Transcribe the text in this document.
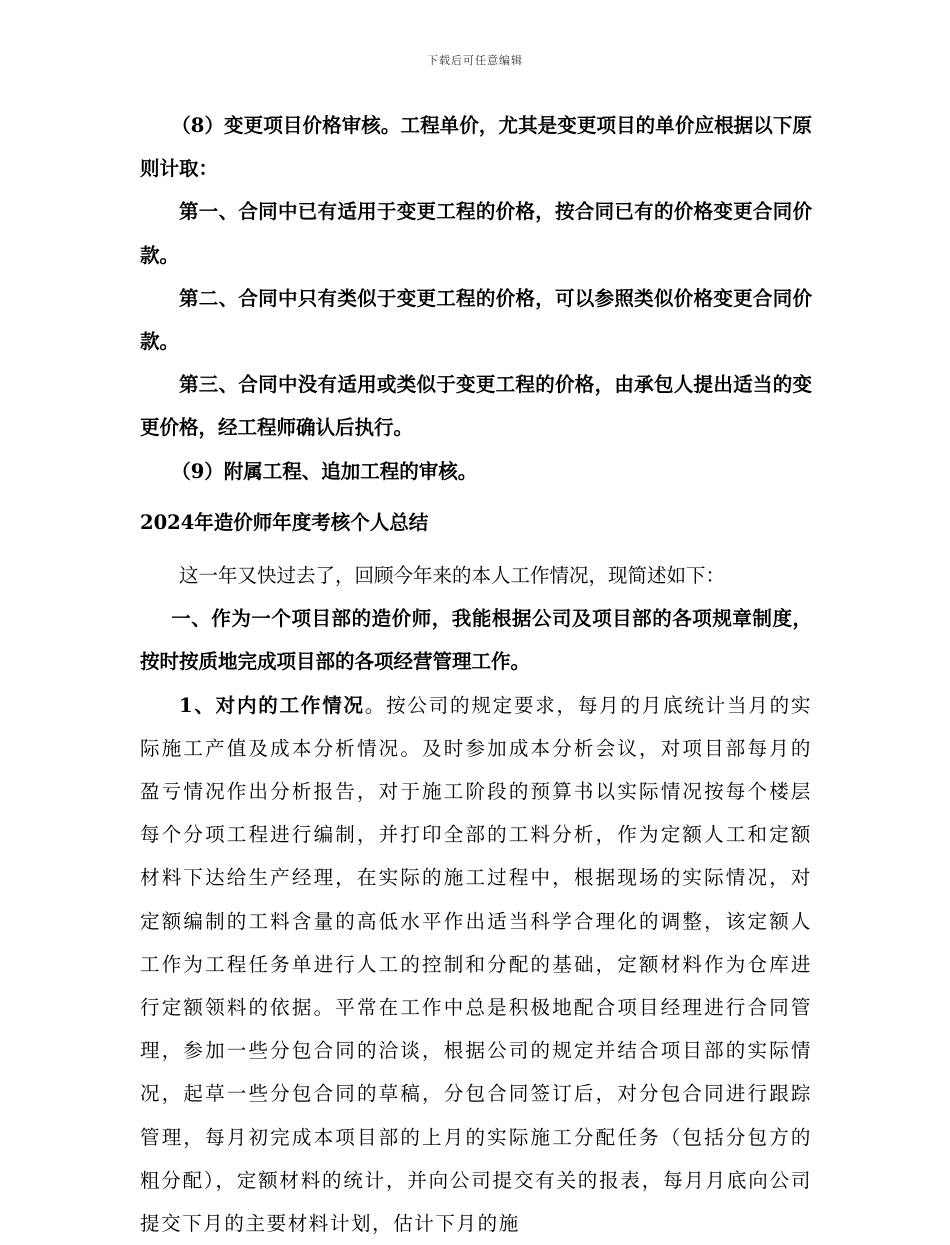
下载后可任意编辑

（8）变更项目价格审核。工程单价，尤其是变更项目的单价应根据以下原则计取：

第一、合同中已有适用于变更工程的价格，按合同已有的价格变更合同价款。

第二、合同中只有类似于变更工程的价格，可以参照类似价格变更合同价款。

第三、合同中没有适用或类似于变更工程的价格，由承包人提出适当的变更价格，经工程师确认后执行。

（9）附属工程、追加工程的审核。

2024年造价师年度考核个人总结

这一年又快过去了，回顾今年来的本人工作情况，现简述如下：

一、作为一个项目部的造价师，我能根据公司及项目部的各项规章制度，按时按质地完成项目部的各项经营管理工作。

1、对内的工作情况。按公司的规定要求，每月的月底统计当月的实际施工产值及成本分析情况。及时参加成本分析会议，对项目部每月的盈亏情况作出分析报告，对于施工阶段的预算书以实际情况按每个楼层每个分项工程进行编制，并打印全部的工料分析，作为定额人工和定额材料下达给生产经理，在实际的施工过程中，根据现场的实际情况，对定额编制的工料含量的高低水平作出适当科学合理化的调整，该定额人工作为工程任务单进行人工的控制和分配的基础，定额材料作为仓库进行定额领料的依据。平常在工作中总是积极地配合项目经理进行合同管理，参加一些分包合同的洽谈，根据公司的规定并结合项目部的实际情况，起草一些分包合同的草稿，分包合同签订后，对分包合同进行跟踪管理，每月初完成本项目部的上月的实际施工分配任务（包括分包方的粗分配），定额材料的统计，并向公司提交有关的报表，每月月底向公司提交下月的主要材料计划，估计下月的施
